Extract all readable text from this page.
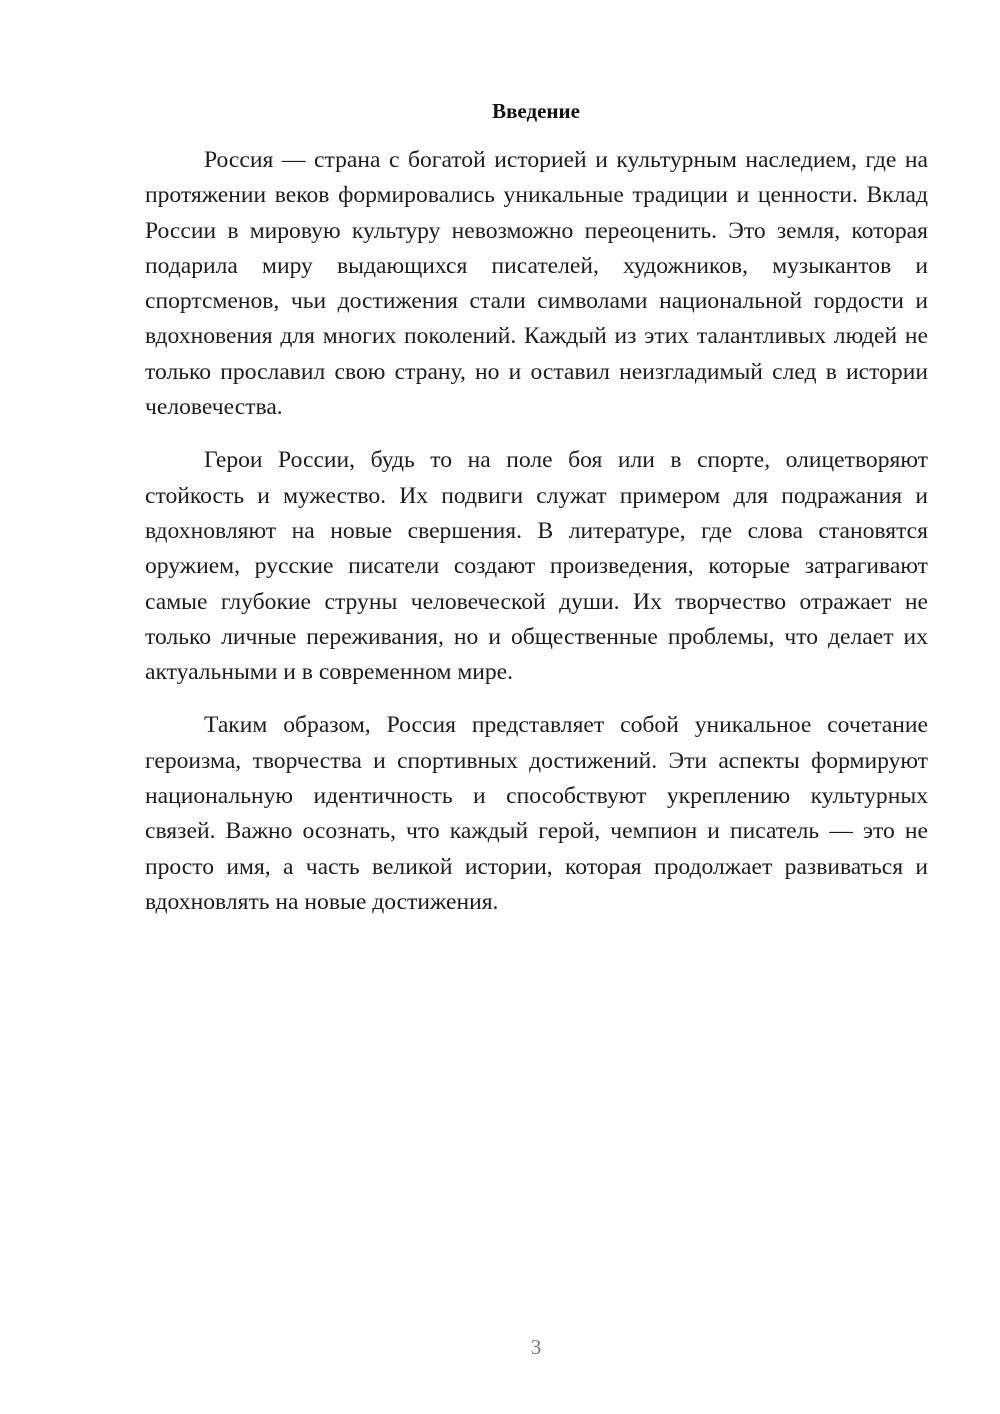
Введение

Россия — страна с богатой историей и культурным наследием, где на протяжении веков формировались уникальные традиции и ценности. Вклад России в мировую культуру невозможно переоценить. Это земля, которая подарила миру выдающихся писателей, художников, музыкантов и спортсменов, чьи достижения стали символами национальной гордости и вдохновения для многих поколений. Каждый из этих талантливых людей не только прославил свою страну, но и оставил неизгладимый след в истории человечества.

Герои России, будь то на поле боя или в спорте, олицетворяют стойкость и мужество. Их подвиги служат примером для подражания и вдохновляют на новые свершения. В литературе, где слова становятся оружием, русские писатели создают произведения, которые затрагивают самые глубокие струны человеческой души. Их творчество отражает не только личные переживания, но и общественные проблемы, что делает их актуальными и в современном мире.

Таким образом, Россия представляет собой уникальное сочетание героизма, творчества и спортивных достижений. Эти аспекты формируют национальную идентичность и способствуют укреплению культурных связей. Важно осознать, что каждый герой, чемпион и писатель — это не просто имя, а часть великой истории, которая продолжает развиваться и вдохновлять на новые достижения.

3
